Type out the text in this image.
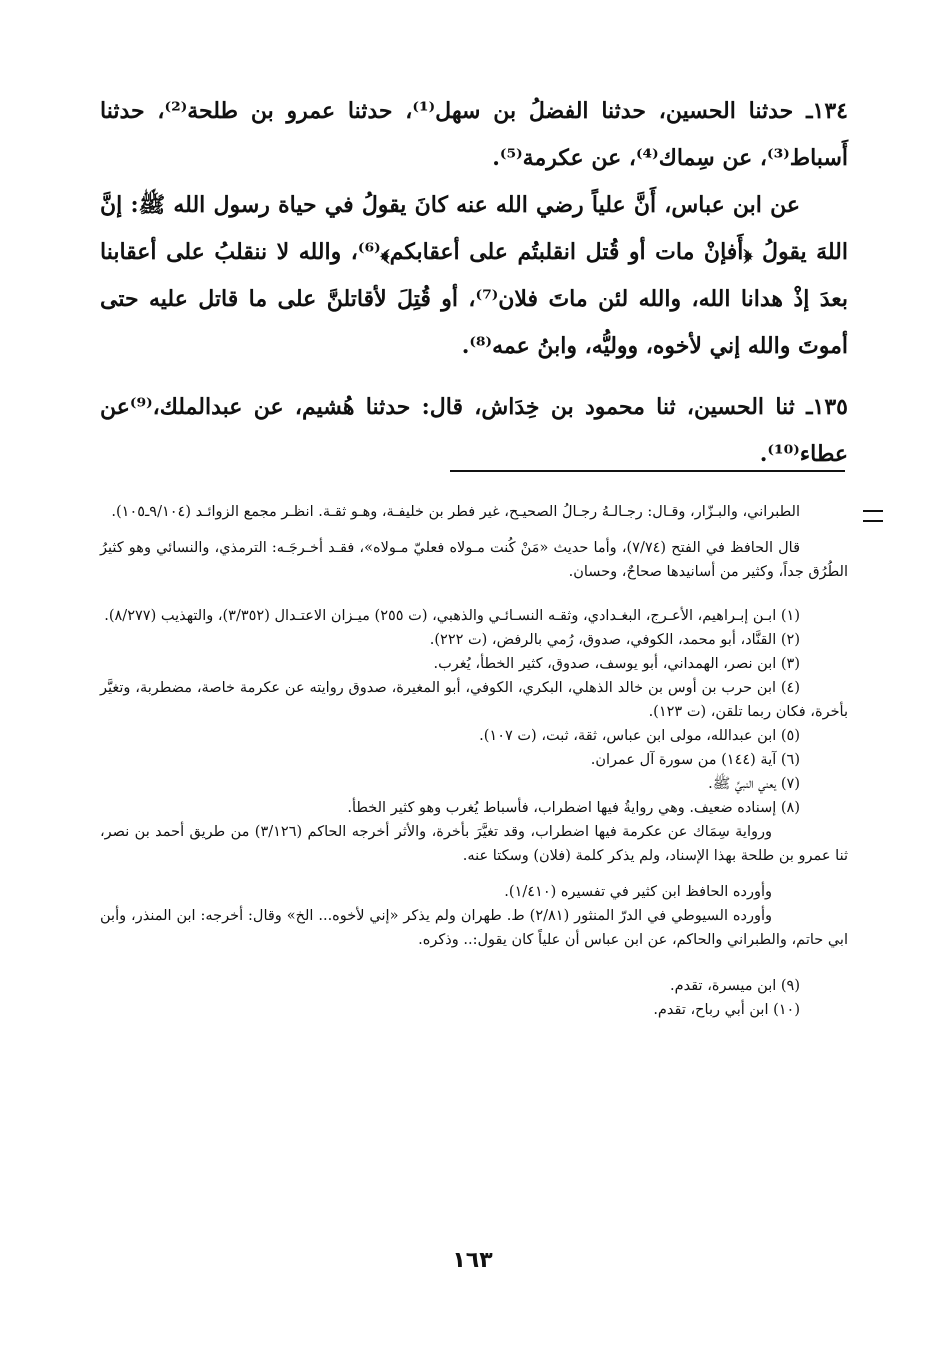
١٣٤ـ حدثنا الحسين، حدثنا الفضلُ بن سهل⁽¹⁾، حدثنا عمرو بن طلحة⁽²⁾، حدثنا أَسباط⁽³⁾، عن سِماك⁽⁴⁾، عن عكرمة⁽⁵⁾.

عن ابن عباس، أَنَّ علياً رضي الله عنه كانَ يقولُ في حياة رسول الله ﷺ: إنَّ اللهَ يقولُ ﴿أَفإنْ مات أو قُتل انقلبتُم على أعقابكم﴾⁽⁶⁾، والله لا ننقلبُ على أعقابنا بعدَ إذْ هدانا الله، والله لئن ماتَ فلان⁽⁷⁾، أو قُتِلَ لأقاتلنَّ على ما قاتل عليه حتى أموتَ والله إني لأخوه، ووليُّه، وابنُ عمه⁽⁸⁾.

١٣٥ـ ثنا الحسين، ثنا محمود بن خِدَاش، قال: حدثنا هُشيم، عن عبدالملك،⁽⁹⁾عن عطاء⁽¹⁰⁾.

الطبراني، والبـزّار، وقـال: رجـالـهُ رجـالُ الصحيـح، غير فطر بن خليفـة، وهـو ثقـة. انظـر مجمع الزوائـد (٩/١٠٤ـ١٠٥).

قال الحافظ في الفتح (٧/٧٤)، وأما حديث «مَنْ كُنت مـولاه فعليّ مـولاه»، فقـد أخـرجَـه: الترمذي، والنسائي وهو كثيرُ الطُرُق جداً، وكثير من أسانيدها صحاحٌ، وحسان.

(١) ابـن إبـراهيم، الأعـرج، البغـدادي، وثقـه النسـائـي والذهبي، (ت ٢٥٥) ميـزان الاعتـدال (٣/٣٥٢)، والتهذيب (٨/٢٧٧).

(٢) القنَّاد، أبو محمد، الكوفي، صدوق، رُمي بالرفض، (ت ٢٢٢).

(٣) ابن نصر، الهمداني، أبو يوسف، صدوق، كثير الخطأ، يُغرب.

(٤) ابن حرب بن أوس بن خالد الذهلي، البكري، الكوفي، أبو المغيرة، صدوق روايته عن عكرمة خاصة، مضطربة، وتغيَّر بأخرة، فكان ربما تلقن، (ت ١٢٣).

(٥) ابن عبدالله، مولى ابن عباس، ثقة، ثبت، (ت ١٠٧).

(٦) آية (١٤٤) من سورة آل عمران.

(٧) يعني النبيَّ ﷺ.

(٨) إسناده ضعيف. وهي روايةُ فيها اضطراب، فأسباط يُغرب وهو كثير الخطأ.

ورواية سِمَاك عن عكرمة فيها اضطراب، وقد تغيَّرَ بأخرة، والأثر أخرجه الحاكم (٣/١٢٦) من طريق أحمد بن نصر، ثنا عمرو بن طلحة بهذا الإسناد، ولم يذكر كلمة (فلان) وسكتا عنه.

وأورده الحافظ ابن كثير في تفسيره (١/٤١٠).

وأورده السيوطي في الدرّ المنثور (٢/٨١) ط. طهران ولم يذكر «إني لأخوه... الخ» وقال: أخرجه: ابن المنذر، وأبن ابي حاتم، والطبراني والحاكم، عن ابن عباس أن علياً كان يقول:.. وذكره.

(٩) ابن ميسرة، تقدم.

(١٠) ابن أبي رباح، تقدم.

١٦٣
